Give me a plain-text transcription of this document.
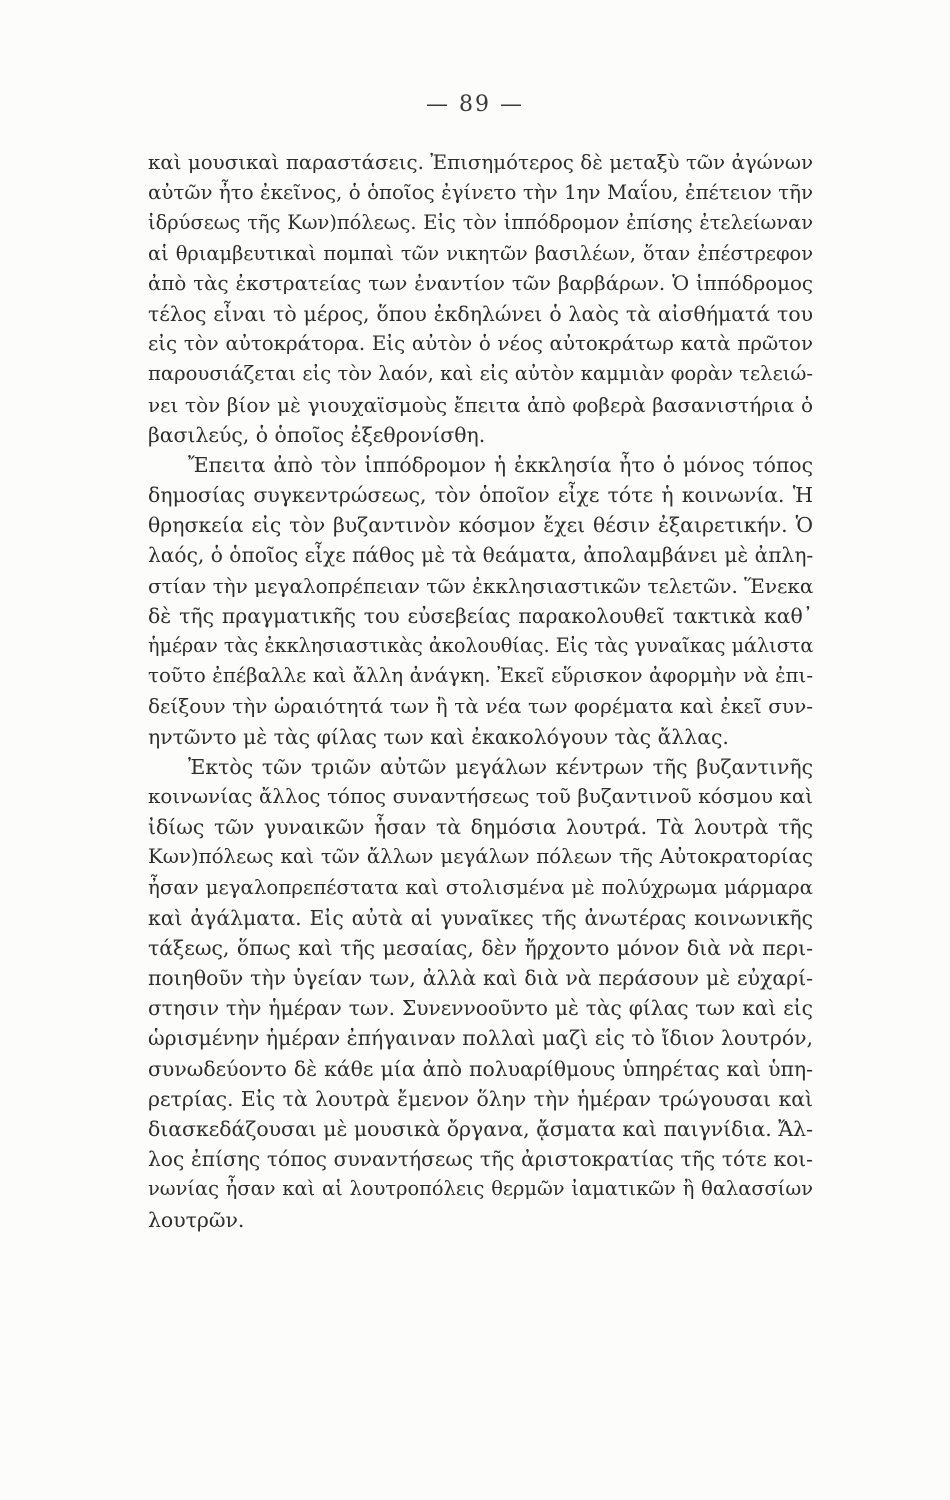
— 89 —
καὶ μουσικαὶ παραστάσεις. Ἐπισημότερος δὲ μεταξὺ τῶν ἀγώνων
αὐτῶν ἦτο ἐκεῖνος, ὁ ὁποῖος ἐγίνετο τὴν 1ην Μαΐου, ἐπέτειον τῆν
ἱδρύσεως τῆς Κων)πόλεως. Εἰς τὸν ἱππόδρομον ἐπίσης ἐτελείωναν
αἱ θριαμβευτικαὶ πομπαὶ τῶν νικητῶν βασιλέων, ὅταν ἐπέστρεφον
ἀπὸ τὰς ἐκστρατείας των ἐναντίον τῶν βαρβάρων. Ὁ ἱππόδρομος
τέλος εἶναι τὸ μέρος, ὅπου ἐκδηλώνει ὁ λαὸς τὰ αἰσθήματά του
εἰς τὸν αὐτοκράτορα. Εἰς αὐτὸν ὁ νέος αὐτοκράτωρ κατὰ πρῶτον
παρουσιάζεται εἰς τὸν λαόν, καὶ εἰς αὐτὸν καμμιὰν φορὰν τελειώ-
νει τὸν βίον μὲ γιουχαϊσμοὺς ἔπειτα ἀπὸ φοβερὰ βασανιστήρια ὁ
βασιλεύς, ὁ ὁποῖος ἐξεθρονίσθη.
Ἔπειτα ἀπὸ τὸν ἱππόδρομον ἡ ἐκκλησία ἦτο ὁ μόνος τόπος
δημοσίας συγκεντρώσεως, τὸν ὁποῖον εἶχε τότε ἡ κοινωνία. Ἡ
θρησκεία εἰς τὸν βυζαντινὸν κόσμον ἔχει θέσιν ἐξαιρετικήν. Ὁ
λαός, ὁ ὁποῖος εἶχε πάθος μὲ τὰ θεάματα, ἀπολαμβάνει μὲ ἀπλη-
στίαν τὴν μεγαλοπρέπειαν τῶν ἐκκλησιαστικῶν τελετῶν. Ἕνεκα
δὲ τῆς πραγματικῆς του εὐσεβείας παρακολουθεῖ τακτικὰ καθ᾿
ἡμέραν τὰς ἐκκλησιαστικὰς ἀκολουθίας. Εἰς τὰς γυναῖκας μάλιστα
τοῦτο ἐπέβαλλε καὶ ἄλλη ἀνάγκη. Ἐκεῖ εὕρισκον ἀφορμὴν νὰ ἐπι-
δείξουν τὴν ὡραιότητά των ἢ τὰ νέα των φορέματα καὶ ἐκεῖ συν-
ηντῶντο μὲ τὰς φίλας των καὶ ἐκακολόγουν τὰς ἄλλας.
Ἐκτὸς τῶν τριῶν αὐτῶν μεγάλων κέντρων τῆς βυζαντινῆς
κοινωνίας ἄλλος τόπος συναντήσεως τοῦ βυζαντινοῦ κόσμου καὶ
ἰδίως τῶν γυναικῶν ἦσαν τὰ δημόσια λουτρά. Τὰ λουτρὰ τῆς
Κων)πόλεως καὶ τῶν ἄλλων μεγάλων πόλεων τῆς Αὐτοκρατορίας
ἦσαν μεγαλοπρεπέστατα καὶ στολισμένα μὲ πολύχρωμα μάρμαρα
καὶ ἀγάλματα. Εἰς αὐτὰ αἱ γυναῖκες τῆς ἀνωτέρας κοινωνικῆς
τάξεως, ὅπως καὶ τῆς μεσαίας, δὲν ἤρχοντο μόνον διὰ νὰ περι-
ποιηθοῦν τὴν ὑγείαν των, ἀλλὰ καὶ διὰ νὰ περάσουν μὲ εὐχαρί-
στησιν τὴν ἡμέραν των. Συνεννοοῦντο μὲ τὰς φίλας των καὶ εἰς
ὡρισμένην ἡμέραν ἐπήγαιναν πολλαὶ μαζὶ εἰς τὸ ἴδιον λουτρόν,
συνωδεύοντο δὲ κάθε μία ἀπὸ πολυαρίθμους ὑπηρέτας καὶ ὑπη-
ρετρίας. Εἰς τὰ λουτρὰ ἔμενον ὅλην τὴν ἡμέραν τρώγουσαι καὶ
διασκεδάζουσαι μὲ μουσικὰ ὄργανα, ᾄσματα καὶ παιγνίδια. Ἄλ-
λος ἐπίσης τόπος συναντήσεως τῆς ἀριστοκρατίας τῆς τότε κοι-
νωνίας ἦσαν καὶ αἱ λουτροπόλεις θερμῶν ἰαματικῶν ἢ θαλασσίων
λουτρῶν.
